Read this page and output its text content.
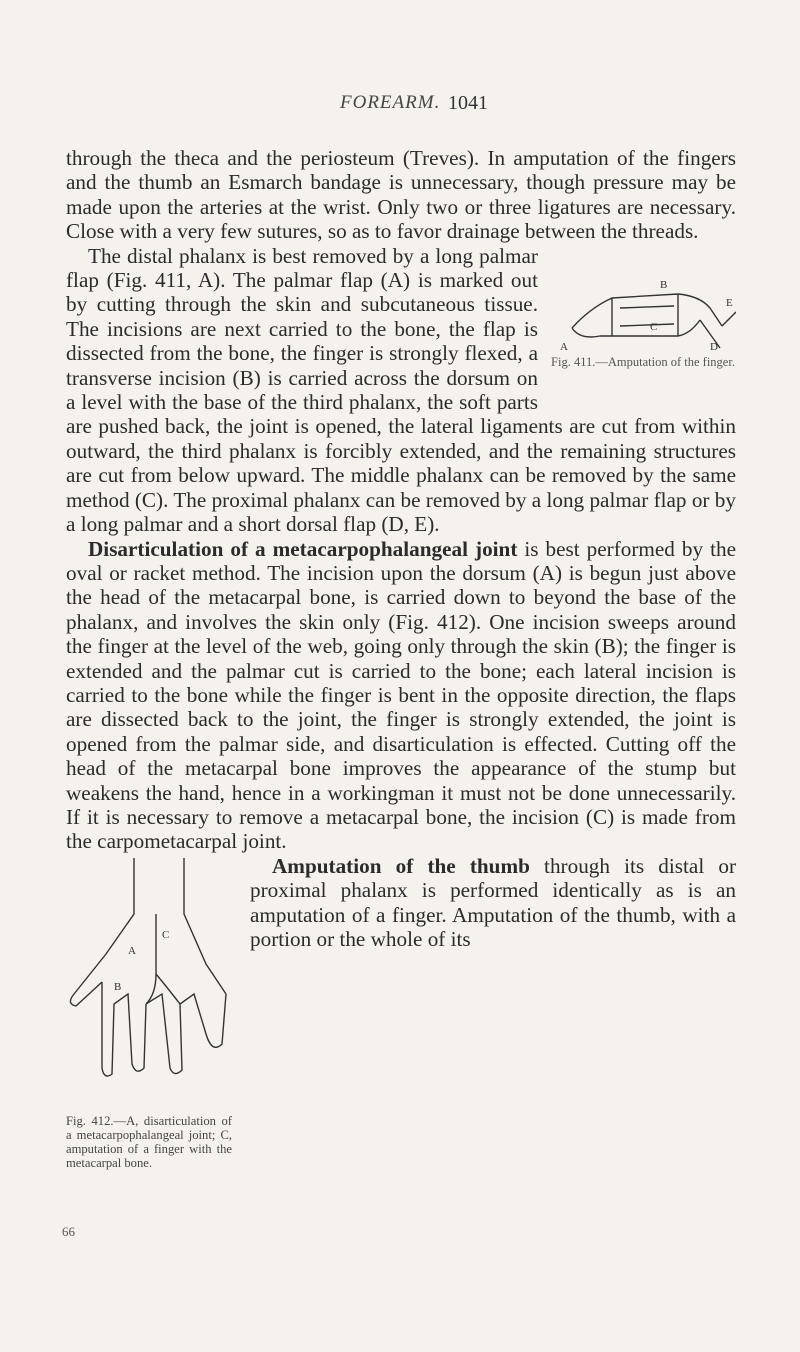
FOREARM. 1041

through the theca and the periosteum (Treves). In amputation of the fingers and the thumb an Esmarch bandage is unnecessary, though pressure may be made upon the arteries at the wrist. Only two or three ligatures are necessary. Close with a very few sutures, so as to favor drainage between the threads.

B
C
A	D
E
Fig. 411.—Amputation of the finger.

The distal phalanx is best removed by a long palmar flap (Fig. 411, A). The palmar flap (A) is marked out by cutting through the skin and subcutaneous tissue. The incisions are next carried to the bone, the flap is dissected from the bone, the finger is strongly flexed, a transverse incision (B) is carried across the dorsum on a level with the base of the third phalanx, the soft parts are pushed back, the joint is opened, the lateral ligaments are cut from within outward, the third phalanx is forcibly extended, and the remaining structures are cut from below upward. The middle phalanx can be removed by the same method (C). The proximal phalanx can be removed by a long palmar flap or by a long palmar and a short dorsal flap (D, E).

Disarticulation of a metacarpophalangeal joint is best performed by the oval or racket method. The incision upon the dorsum (A) is begun just above the head of the metacarpal bone, is carried down to beyond the base of the phalanx, and involves the skin only (Fig. 412). One incision sweeps around the finger at the level of the web, going only through the skin (B); the finger is extended and the palmar cut is carried to the bone; each lateral incision is carried to the bone while the finger is bent in the opposite direction, the flaps are dissected back to the joint, the finger is strongly extended, the joint is opened from the palmar side, and disarticulation is effected. Cutting off the head of the metacarpal bone improves the appearance of the stump but weakens the hand, hence in a workingman it must not be done unnecessarily. If it is necessary to remove a metacarpal bone, the incision (C) is made from the carpometacarpal joint.

A
B
C
Fig. 412.—A, disarticulation of a metacarpophalangeal joint; C, amputation of a finger with the metacarpal bone.

Amputation of the thumb through its distal or proximal phalanx is performed identically as is an amputation of a finger. Amputation of the thumb, with a portion or the whole of its

66
